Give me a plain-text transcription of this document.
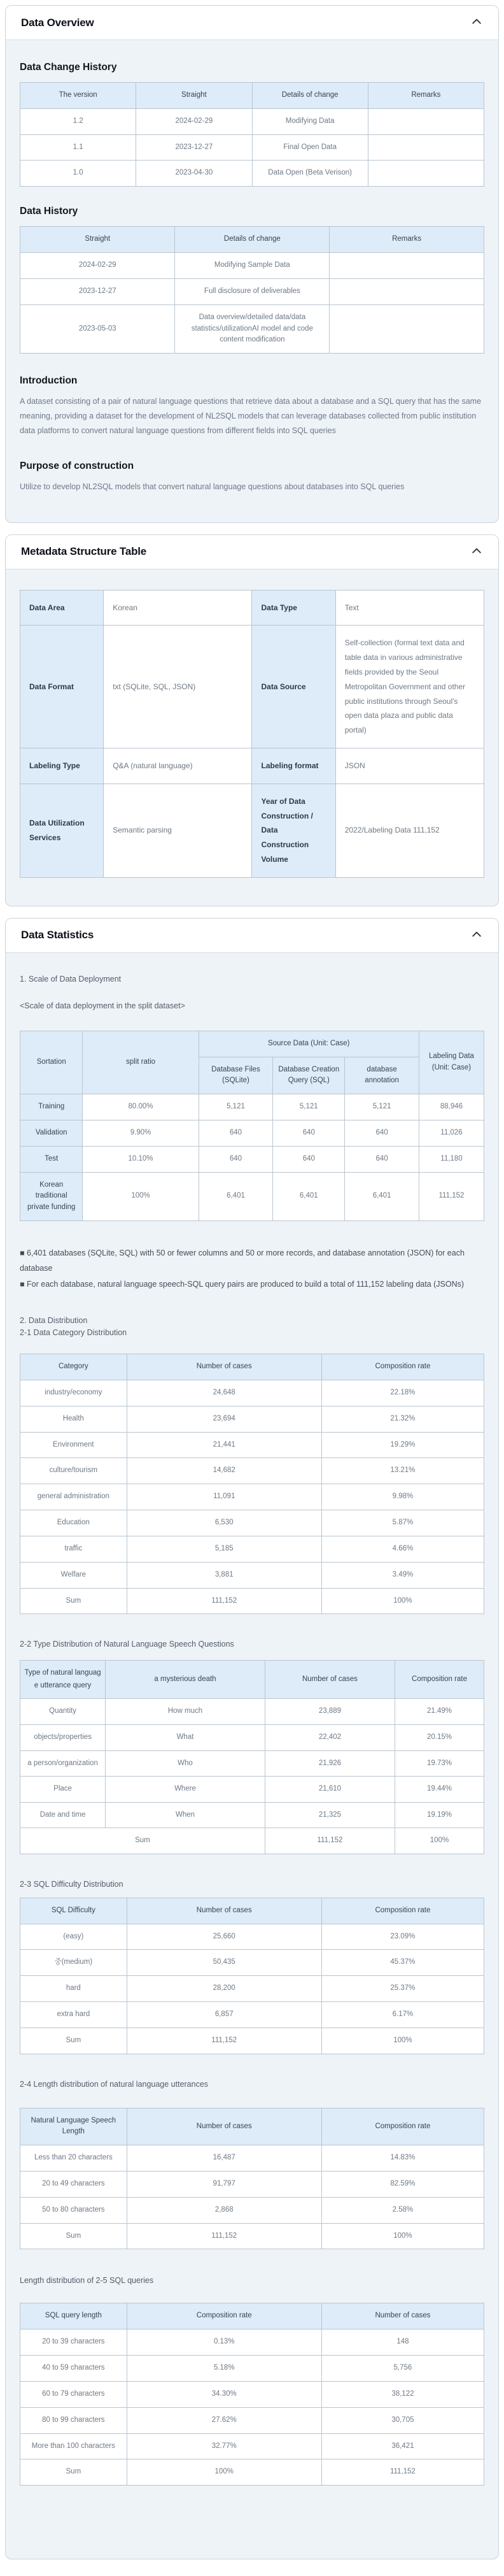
Data Overview
Data Change History
The version	Straight	Details of change	Remarks
1.2	2024-02-29	Modifying Data	
1.1	2023-12-27	Final Open Data	
1.0	2023-04-30	Data Open (Beta Verison)	
Data History
Straight	Details of change	Remarks
2024-02-29	Modifying Sample Data	
2023-12-27	Full disclosure of deliverables	
2023-05-03	Data overview/detailed data/data statistics/utilizationAI model and code content modification	
Introduction

A dataset consisting of a pair of natural language questions that retrieve data about a database and a SQL query that has the same meaning, providing a dataset for the development of NL2SQL models that can leverage databases collected from public institution data platforms to convert natural language questions from different fields into SQL queries

Purpose of construction

Utilize to develop NL2SQL models that convert natural language questions about databases into SQL queries

Metadata Structure Table
Data Area	Korean	Data Type	Text
Data Format	txt (SQLite, SQL, JSON)	Data Source	Self-collection (formal text data and table data in various administrative fields provided by the Seoul Metropolitan Government and other public institutions through Seoul's open data plaza and public data portal)
Labeling Type	Q&A (natural language)	Labeling format	JSON
Data Utilization Services	Semantic parsing	Year of Data Construction / Data Construction Volume	2022/Labeling Data 111,152
Data Statistics

1. Scale of Data Deployment

<Scale of data deployment in the split dataset>

Sortation	split ratio	Source Data (Unit: Case)			Labeling Data (Unit: Case)
		Database Files (SQLite)	Database Creation Query (SQL)	database annotation	
Training	80.00%	5,121	5,121	5,121	88,946
Validation	9.90%	640	640	640	11,026
Test	10.10%	640	640	640	11,180
Korean traditional private funding	100%	6,401	6,401	6,401	111,152

■ 6,401 databases (SQLite, SQL) with 50 or fewer columns and 50 or more records, and database annotation (JSON) for each database

■ For each database, natural language speech-SQL query pairs are produced to build a total of 111,152 labeling data (JSONs)

2. Data Distribution

2-1 Data Category Distribution

Category	Number of cases	Composition rate
industry/economy	24,648	22.18%
Health	23,694	21.32%
Environment	21,441	19.29%
culture/tourism	14,682	13.21%
general administration	11,091	9.98%
Education	6,530	5.87%
traffic	5,185	4.66%
Welfare	3,881	3.49%
Sum	111,152	100%

2-2 Type Distribution of Natural Language Speech Questions

Type of natural language utterance query	a mysterious death	Number of cases	Composition rate
Quantity	How much	23,889	21.49%
objects/properties	What	22,402	20.15%
a person/organization	Who	21,926	19.73%
Place	Where	21,610	19.44%
Date and time	When	21,325	19.19%
Sum		111,152	100%

2-3 SQL Difficulty Distribution

SQL Difficulty	Number of cases	Composition rate
(easy)	25,660	23.09%
중(medium)	50,435	45.37%
hard	28,200	25.37%
extra hard	6,857	6.17%
Sum	111,152	100%

2-4 Length distribution of natural language utterances

Natural Language Speech Length	Number of cases	Composition rate
Less than 20 characters	16,487	14.83%
20 to 49 characters	91,797	82.59%
50 to 80 characters	2,868	2.58%
Sum	111,152	100%

Length distribution of 2-5 SQL queries

SQL query length	Composition rate	Number of cases
20 to 39 characters	0.13%	148
40 to 59 characters	5.18%	5,756
60 to 79 characters	34.30%	38,122
80 to 99 characters	27.62%	30,705
More than 100 characters	32.77%	36,421
Sum	100%	111,152
